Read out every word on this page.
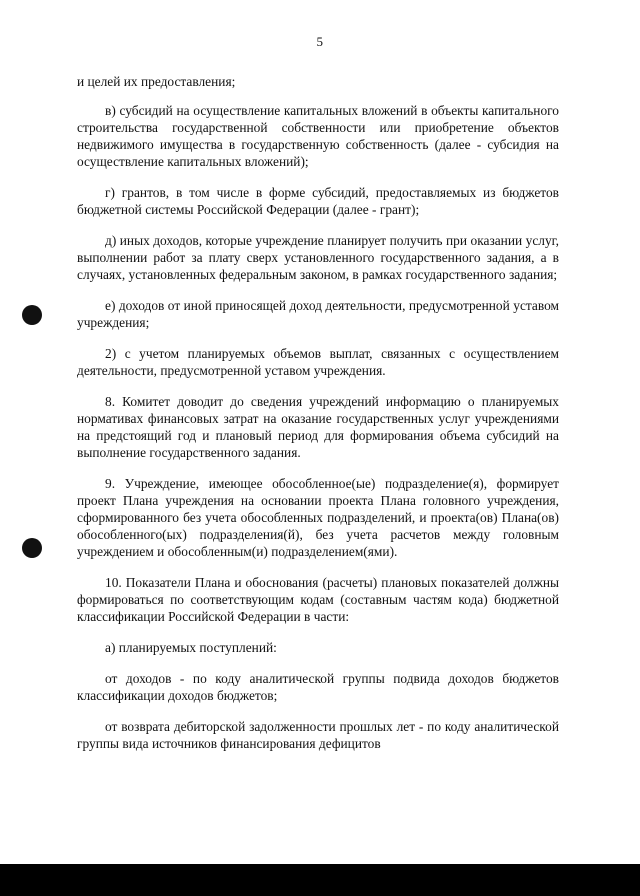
5

и целей их предоставления;

в) субсидий на осуществление капитальных вложений в объекты капитального строительства государственной собственности или приобретение объектов недвижимого имущества в государственную собственность (далее - субсидия на осуществление капитальных вложений);

г) грантов, в том числе в форме субсидий, предоставляемых из бюджетов бюджетной системы Российской Федерации (далее - грант);

д) иных доходов, которые учреждение планирует получить при оказании услуг, выполнении работ за плату сверх установленного государственного задания, а в случаях, установленных федеральным законом, в рамках государственного задания;

е) доходов от иной приносящей доход деятельности, предусмотренной уставом учреждения;

2) с учетом планируемых объемов выплат, связанных с осуществлением деятельности, предусмотренной уставом учреждения.

8. Комитет доводит до сведения учреждений информацию о планируемых нормативах финансовых затрат на оказание государственных услуг учреждениями на предстоящий год и плановый период для формирования объема субсидий на выполнение государственного задания.

9. Учреждение, имеющее обособленное(ые) подразделение(я), формирует проект Плана учреждения на основании проекта Плана головного учреждения, сформированного без учета обособленных подразделений, и проекта(ов) Плана(ов) обособленного(ых) подразделения(й), без учета расчетов между головным учреждением и обособленным(и) подразделением(ями).

10. Показатели Плана и обоснования (расчеты) плановых показателей должны формироваться по соответствующим кодам (составным частям кода) бюджетной классификации Российской Федерации в части:

а) планируемых поступлений:

от доходов - по коду аналитической группы подвида доходов бюджетов классификации доходов бюджетов;

от возврата дебиторской задолженности прошлых лет - по коду аналитической группы вида источников финансирования дефицитов
